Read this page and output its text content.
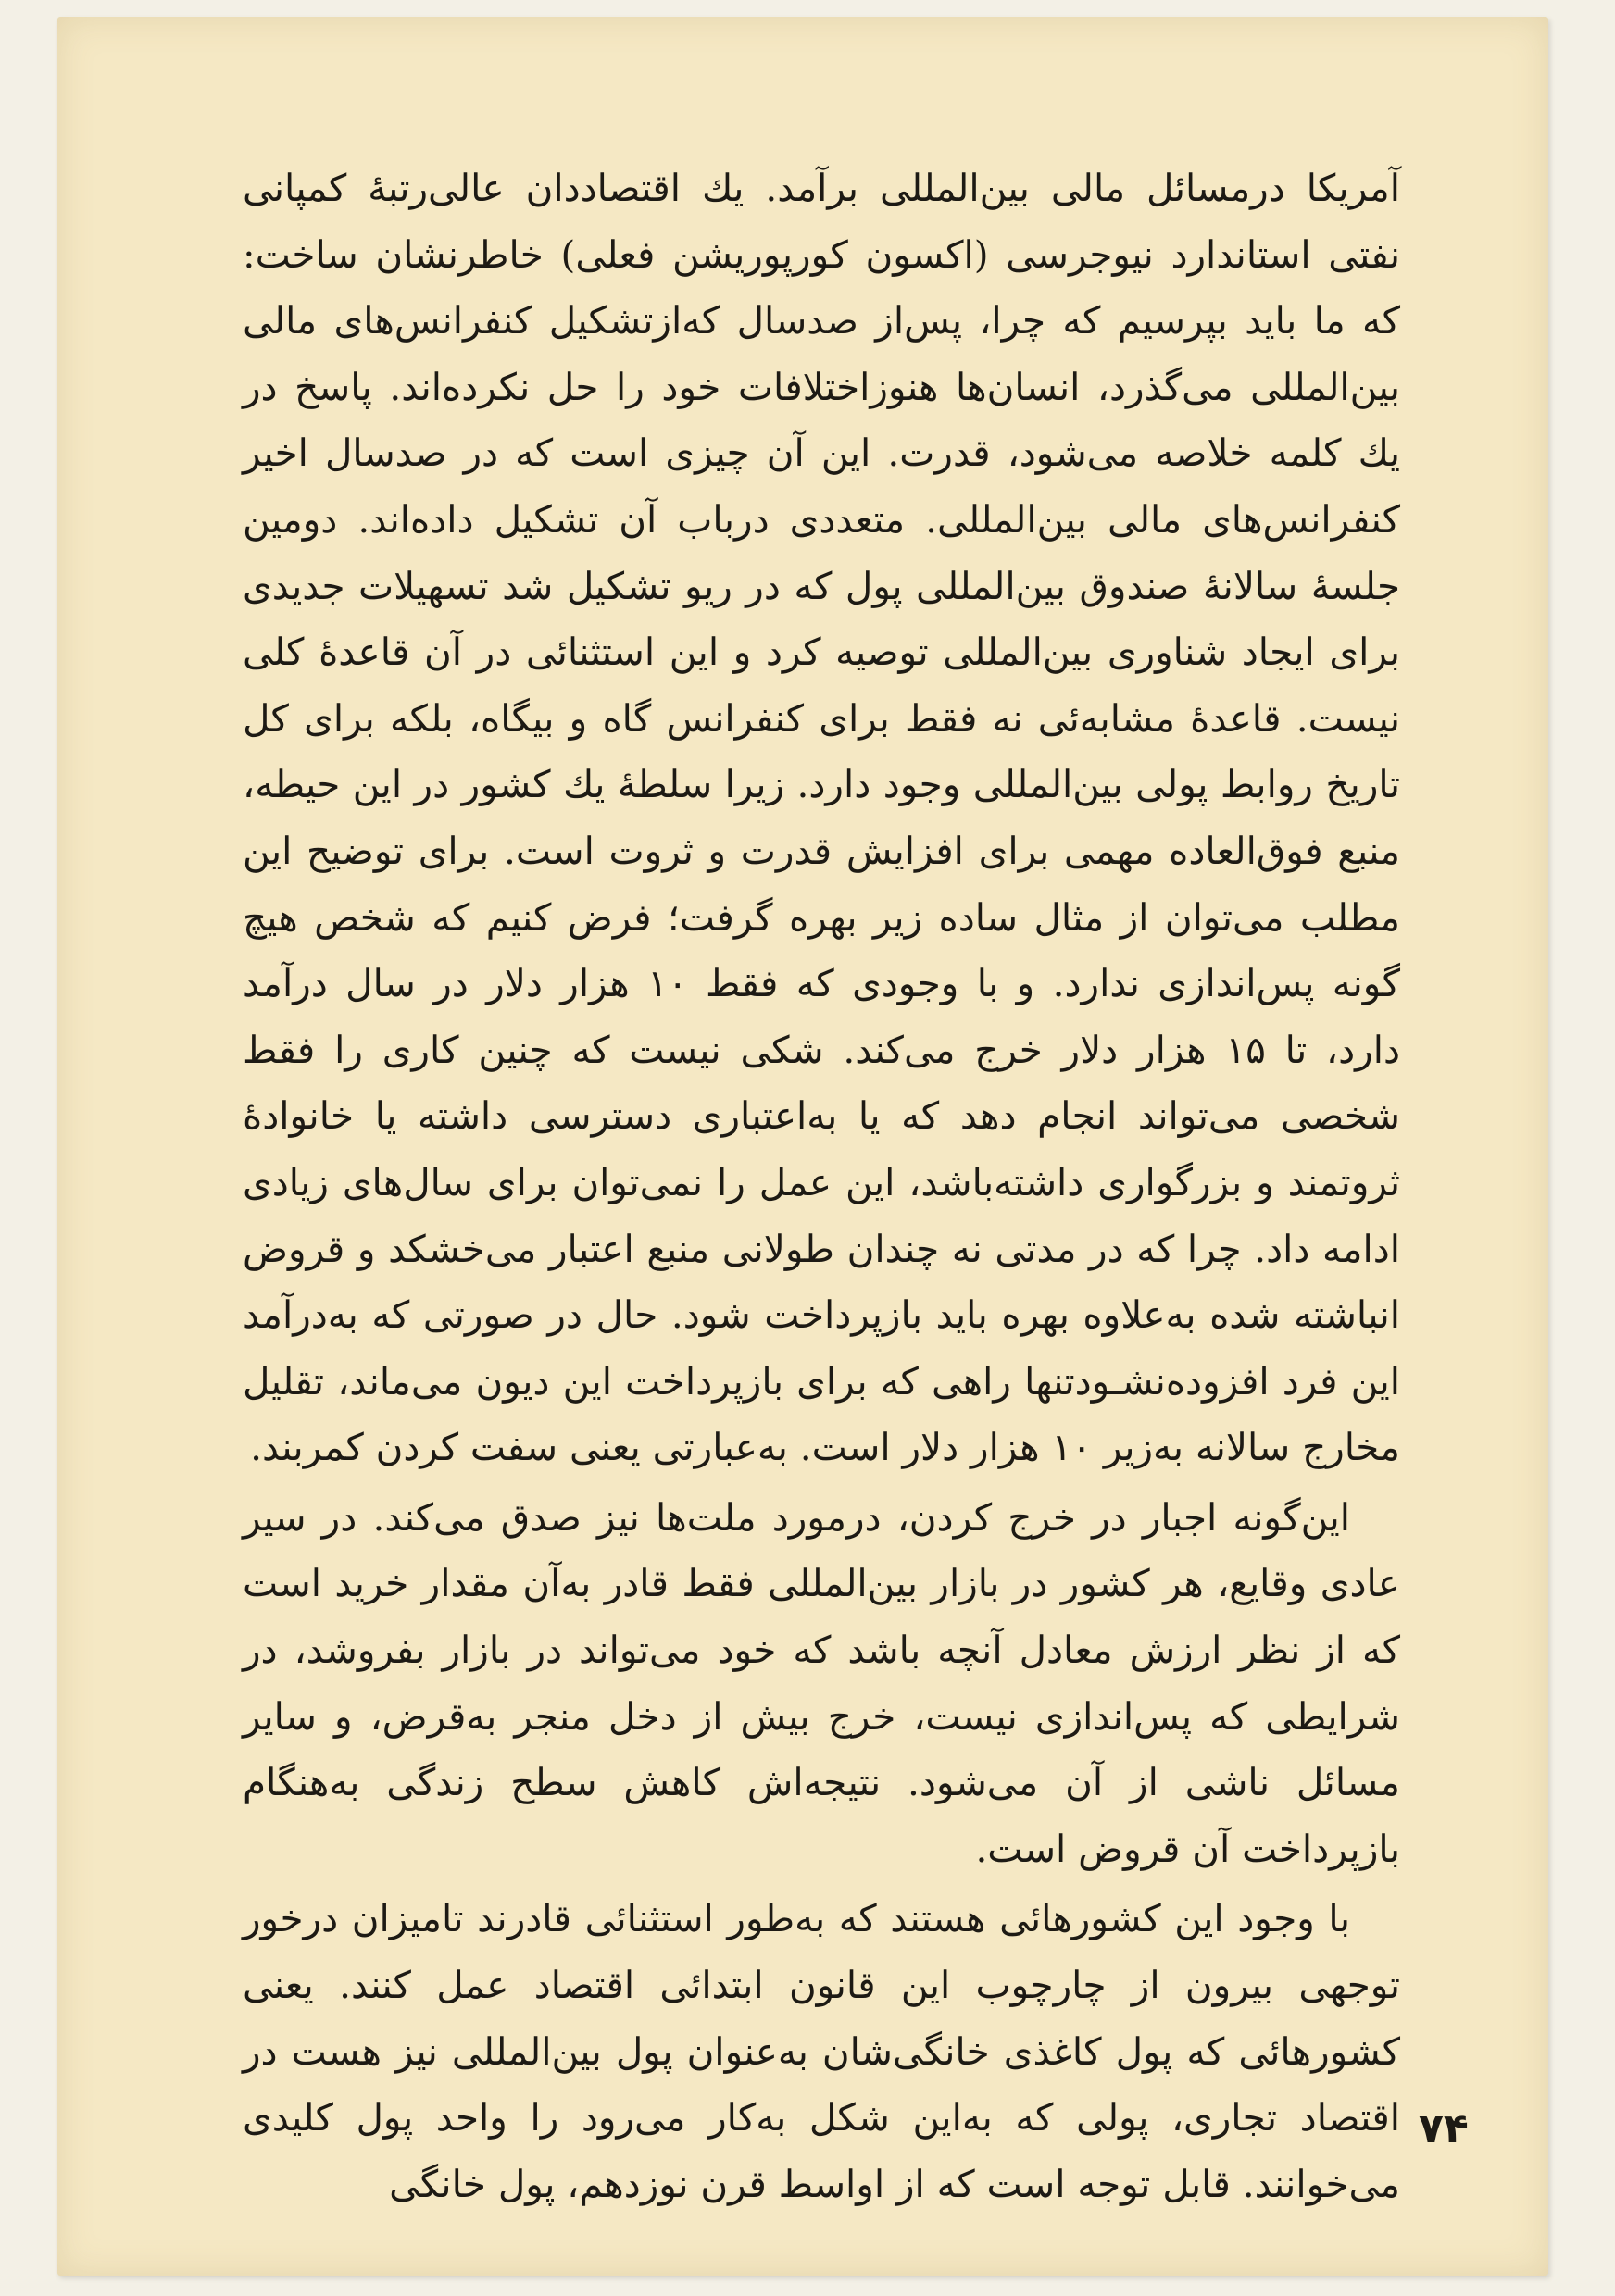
آمریکا درمسائل مالی بین‌المللی برآمد. یك اقتصاددان عالی‌رتبهٔ کمپانی نفتی استاندارد نیوجرسی (اکسون کورپوریشن فعلی) خاطرنشان ساخت: که ما باید بپرسیم که چرا، پس‌از صدسال که‌ازتشکیل کنفرانس‌های مالی بین‌المللی می‌گذرد، انسان‌ها هنوزاختلافات خود را حل نکرده‌اند. پاسخ در یك کلمه خلاصه می‌شود، قدرت. این آن چیزی است که در صدسال اخیر کنفرانس‌های مالی بین‌المللی. متعددی درباب آن تشکیل داده‌اند. دومین جلسهٔ سالانهٔ صندوق بین‌المللی پول که در ریو تشکیل شد تسهیلات جدیدی برای ایجاد شناوری بین‌المللی توصیه کرد و این استثنائی در آن قاعدهٔ کلی نیست. قاعدهٔ مشابه‌ئی نه فقط برای کنفرانس گاه و بیگاه، بلکه برای کل تاریخ روابط پولی بین‌المللی وجود دارد. زیرا سلطهٔ یك کشور در این حیطه، منبع فوق‌العاده مهمی برای افزایش قدرت و ثروت است. برای توضیح این مطلب می‌توان از مثال ساده زیر بهره گرفت؛ فرض کنیم که شخص هیچ گونه پس‌اندازی ندارد. و با وجودی که فقط ۱۰ هزار دلار در سال درآمد دارد، تا ۱۵ هزار دلار خرج می‌کند. شکی نیست که چنین کاری را فقط شخصی می‌تواند انجام دهد که یا به‌اعتباری دسترسی داشته یا خانوادهٔ ثروتمند و بزرگواری داشته‌باشد، این عمل را نمی‌توان برای سال‌های زیادی ادامه داد. چرا که در مدتی نه چندان طولانی منبع اعتبار می‌خشکد و قروض انباشته شده به‌علاوه بهره باید بازپرداخت شود. حال در صورتی که به‌درآمد این فرد افزوده‌نشـودتنها راهی که برای بازپرداخت این دیون می‌ماند، تقلیل مخارج سالانه به‌زیر ۱۰ هزار دلار است. به‌عبارتی یعنی سفت کردن کمربند.

این‌گونه اجبار در خرج کردن، درمورد ملت‌ها نیز صدق می‌کند. در سیر عادی وقایع، هر کشور در بازار بین‌المللی فقط قادر به‌آن مقدار خرید است که از نظر ارزش معادل آنچه باشد که خود می‌تواند در بازار بفروشد، در شرایطی که پس‌اندازی نیست، خرج بیش از دخل منجر به‌قرض، و سایر مسائل ناشی از آن می‌شود. نتیجه‌اش کاهش سطح زندگی به‌هنگام بازپرداخت آن قروض است.

با وجود این کشورهائی هستند که به‌طور استثنائی قادرند تامیزان درخور توجهی بیرون از چارچوب این قانون ابتدائی اقتصاد عمل کنند. یعنی کشورهائی که پول کاغذی خانگی‌شان به‌عنوان پول بین‌المللی نیز هست در اقتصاد تجاری، پولی که به‌این شکل به‌کار می‌رود را واحد پول کلیدی می‌خوانند. قابل توجه است که از اواسط قرن نوزدهم، پول خانگی

۷۴
